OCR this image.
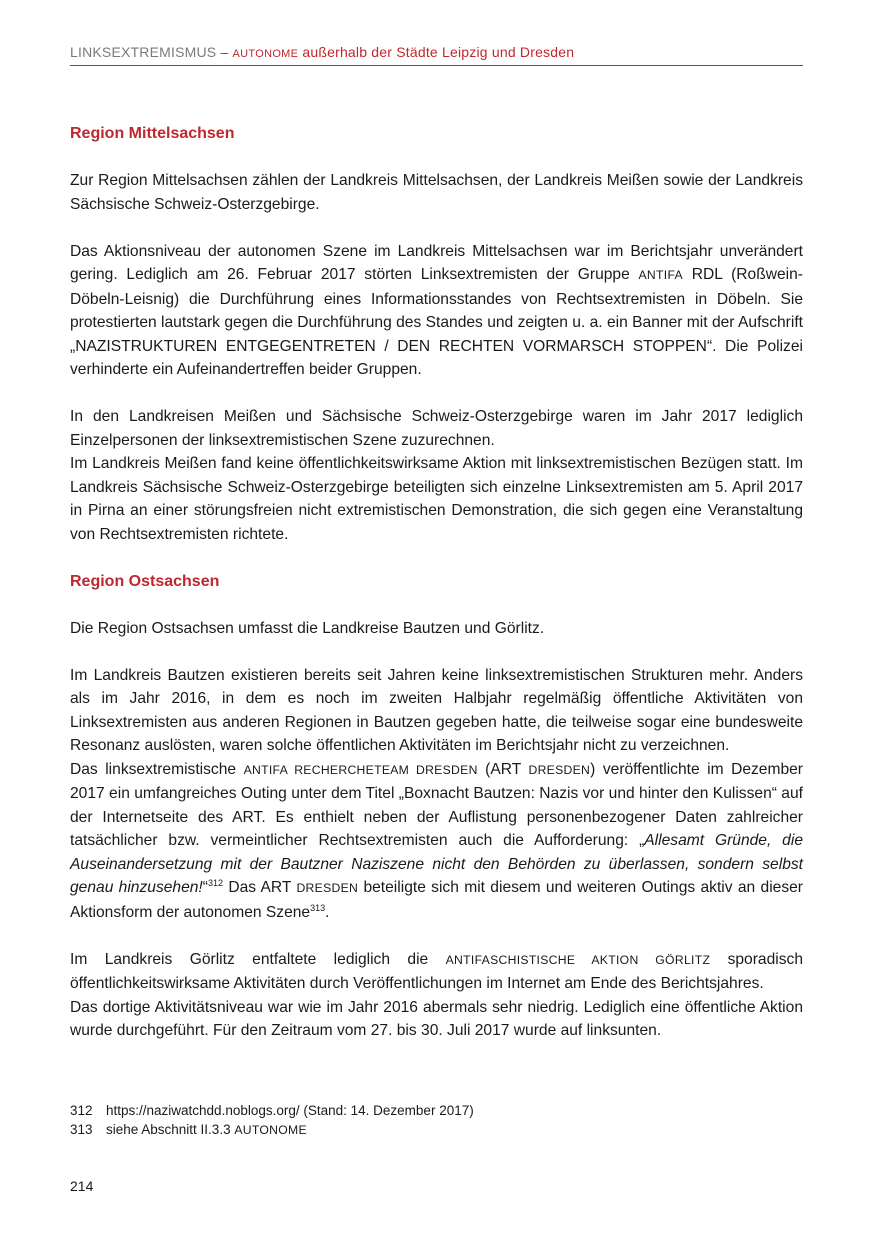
LINKSEXTREMISMUS – AUTONOME außerhalb der Städte Leipzig und Dresden
Region Mittelsachsen

Zur Region Mittelsachsen zählen der Landkreis Mittelsachsen, der Landkreis Meißen sowie der Landkreis Sächsische Schweiz-Osterzgebirge.

Das Aktionsniveau der autonomen Szene im Landkreis Mittelsachsen war im Berichtsjahr unverändert gering. Lediglich am 26. Februar 2017 störten Linksextremisten der Gruppe ANTIFA RDL (Roßwein-Döbeln-Leisnig) die Durchführung eines Informationsstandes von Rechtsextremisten in Döbeln. Sie protestierten lautstark gegen die Durchführung des Standes und zeigten u. a. ein Banner mit der Aufschrift „NAZISTRUKTUREN ENTGEGENTRETEN / DEN RECHTEN VORMARSCH STOPPEN“. Die Polizei verhinderte ein Aufeinandertreffen beider Gruppen.

In den Landkreisen Meißen und Sächsische Schweiz-Osterzgebirge waren im Jahr 2017 lediglich Einzelpersonen der linksextremistischen Szene zuzurechnen.

Im Landkreis Meißen fand keine öffentlichkeitswirksame Aktion mit linksextremistischen Bezügen statt. Im Landkreis Sächsische Schweiz-Osterzgebirge beteiligten sich einzelne Linksextremisten am 5. April 2017 in Pirna an einer störungsfreien nicht extremistischen Demonstration, die sich gegen eine Veranstaltung von Rechtsextremisten richtete.

Region Ostsachsen

Die Region Ostsachsen umfasst die Landkreise Bautzen und Görlitz.

Im Landkreis Bautzen existieren bereits seit Jahren keine linksextremistischen Strukturen mehr. Anders als im Jahr 2016, in dem es noch im zweiten Halbjahr regelmäßig öffentliche Aktivitäten von Linksextremisten aus anderen Regionen in Bautzen gegeben hatte, die teilweise sogar eine bundesweite Resonanz auslösten, waren solche öffentlichen Aktivitäten im Berichtsjahr nicht zu verzeichnen.

Das linksextremistische ANTIFA RECHERCHЕTEAM DRESDEN (ART DRESDEN) veröffentlichte im Dezember 2017 ein umfangreiches Outing unter dem Titel „Boxnacht Bautzen: Nazis vor und hinter den Kulissen“ auf der Internetseite des ART. Es enthielt neben der Auflistung personenbezogener Daten zahlreicher tatsächlicher bzw. vermeintlicher Rechtsextremisten auch die Aufforderung: „Allesamt Gründe, die Auseinandersetzung mit der Bautzner Naziszene nicht den Behörden zu überlassen, sondern selbst genau hinzusehen!“$^{312}$ Das ART DRESDEN beteiligte sich mit diesem und weiteren Outings aktiv an dieser Aktionsform der autonomen Szene$^{313}$.

Im Landkreis Görlitz entfaltete lediglich die ANTIFASCHISTISCHE AKTION GÖRLITZ sporadisch öffentlichkeitswirksame Aktivitäten durch Veröffentlichungen im Internet am Ende des Berichtsjahres.

Das dortige Aktivitätsniveau war wie im Jahr 2016 abermals sehr niedrig. Lediglich eine öffentliche Aktion wurde durchgeführt. Für den Zeitraum vom 27. bis 30. Juli 2017 wurde auf linksunten.

312 https://naziwatchdd.noblogs.org/ (Stand: 14. Dezember 2017)
313 siehe Abschnitt II.3.3 AUTONOME
214
